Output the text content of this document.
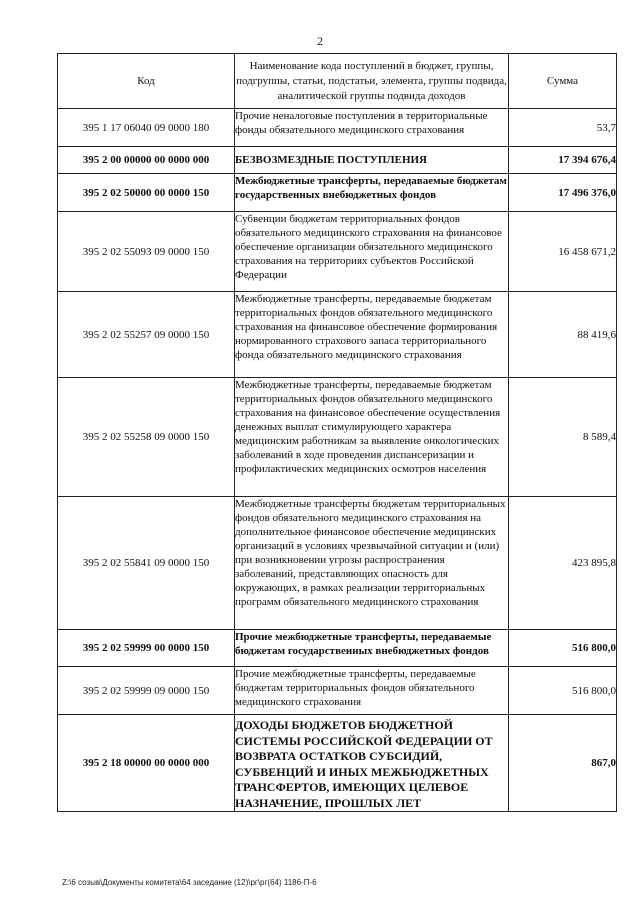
2
Код	Наименование кода поступлений в бюджет, группы, подгруппы, статьи, подстатьи, элемента, группы подвида, аналитической группы подвида доходов	Сумма
395 1 17 06040 09 0000 180	Прочие неналоговые поступления в территориальные фонды обязательного медицинского страхования	53,7
395 2 00 00000 00 0000 000	БЕЗВОЗМЕЗДНЫЕ ПОСТУПЛЕНИЯ	17 394 676,4
395 2 02 50000 00 0000 150	Межбюджетные трансферты, передаваемые бюджетам государственных внебюджетных фондов	17 496 376,0
395 2 02 55093 09 0000 150	Субвенции бюджетам территориальных фондов обязательного медицинского страхования на финансовое обеспечение организации обязательного медицинского страхования на территориях субъектов Российской Федерации	16 458 671,2
395 2 02 55257 09 0000 150	Межбюджетные трансферты, передаваемые бюджетам территориальных фондов обязательного медицинского страхования на финансовое обеспечение формирования нормированного страхового запаса территориального фонда обязательного медицинского страхования	88 419,6
395 2 02 55258 09 0000 150	Межбюджетные трансферты, передаваемые бюджетам территориальных фондов обязательного медицинского страхования на финансовое обеспечение осуществления денежных выплат стимулирующего характера медицинским работникам за выявление онкологических заболеваний в ходе проведения диспансеризации и профилактических медицинских осмотров населения	8 589,4
395 2 02 55841 09 0000 150	Межбюджетные трансферты бюджетам территориальных фондов обязательного медицинского страхования на дополнительное финансовое обеспечение медицинских организаций в условиях чрезвычайной ситуации и (или) при возникновении угрозы распространения заболеваний, представляющих опасность для окружающих, в рамках реализации территориальных программ обязательного медицинского страхования	423 895,8
395 2 02 59999 00 0000 150	Прочие межбюджетные трансферты, передаваемые бюджетам государственных внебюджетных фондов	516 800,0
395 2 02 59999 09 0000 150	Прочие межбюджетные трансферты, передаваемые бюджетам территориальных фондов обязательного медицинского страхования	516 800,0
395 2 18 00000 00 0000 000	ДОХОДЫ БЮДЖЕТОВ БЮДЖЕТНОЙ СИСТЕМЫ РОССИЙСКОЙ ФЕДЕРАЦИИ ОТ ВОЗВРАТА ОСТАТКОВ СУБСИДИЙ, СУБВЕНЦИЙ И ИНЫХ МЕЖБЮДЖЕТНЫХ ТРАНСФЕРТОВ, ИМЕЮЩИХ ЦЕЛЕВОЕ НАЗНАЧЕНИЕ, ПРОШЛЫХ ЛЕТ	867,0
Z:\6 созыв\Документы комитета\64 заседание (12)\рг\рг(64) 1186-П-6
